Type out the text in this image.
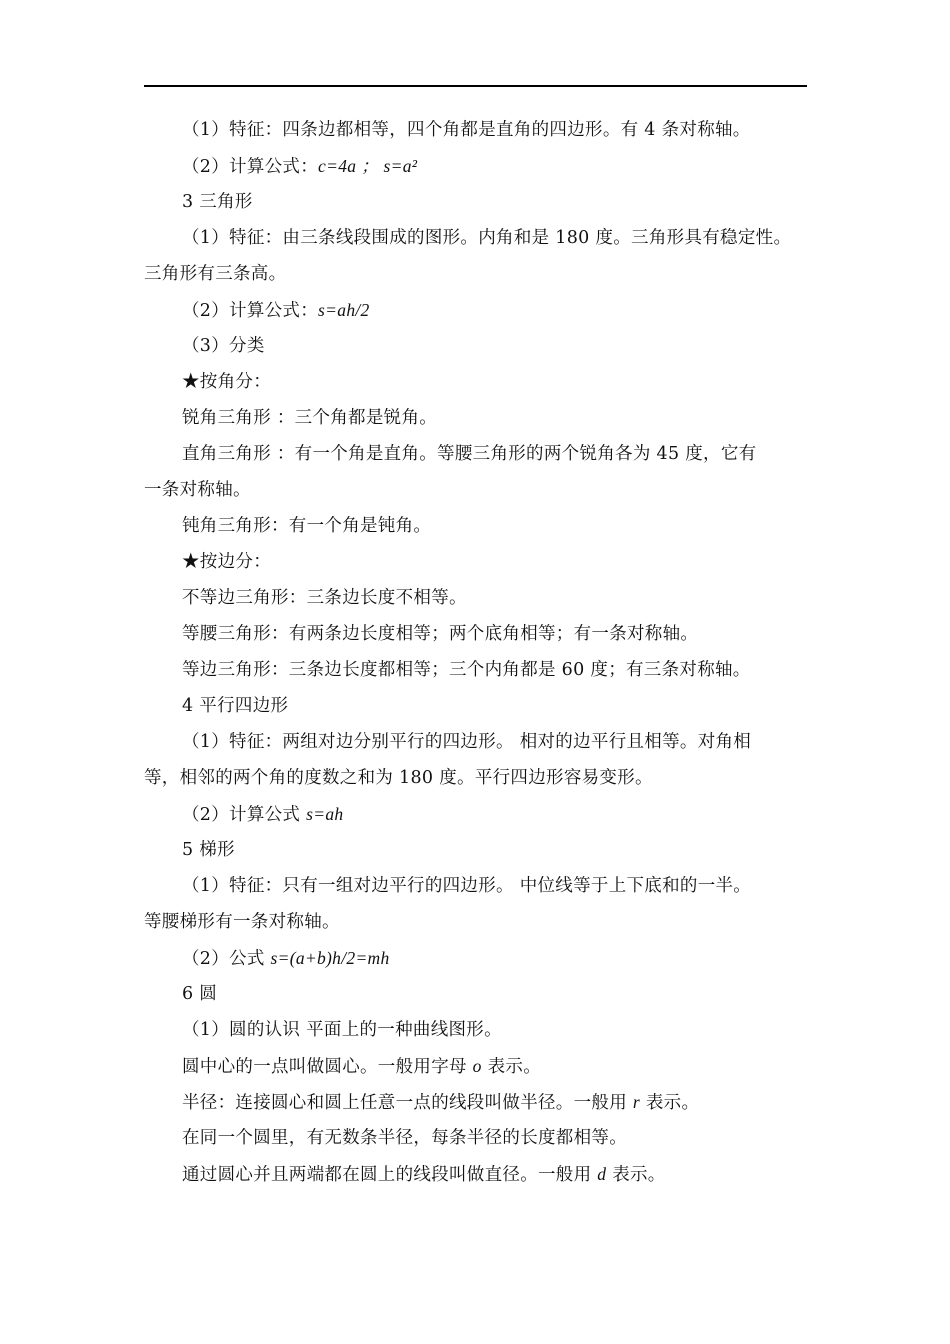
（1）特征：四条边都相等，四个角都是直角的四边形。有 4 条对称轴。
（2）计算公式：c=4a ； s=a²
3 三角形
（1）特征：由三条线段围成的图形。内角和是 180 度。三角形具有稳定性。
三角形有三条高。
（2）计算公式：s=ah/2
（3）分类
★按角分：
锐角三角形 ：三个角都是锐角。
直角三角形 ：有一个角是直角。等腰三角形的两个锐角各为 45 度，它有
一条对称轴。
钝角三角形：有一个角是钝角。
★按边分：
不等边三角形：三条边长度不相等。
等腰三角形：有两条边长度相等；两个底角相等；有一条对称轴。
等边三角形：三条边长度都相等；三个内角都是 60 度；有三条对称轴。
4 平行四边形
（1）特征：两组对边分别平行的四边形。 相对的边平行且相等。对角相
等，相邻的两个角的度数之和为 180 度。平行四边形容易变形。
（2）计算公式 s=ah
5 梯形
（1）特征：只有一组对边平行的四边形。 中位线等于上下底和的一半。
等腰梯形有一条对称轴。
（2）公式 s=(a+b)h/2=mh
6 圆
（1）圆的认识 平面上的一种曲线图形。
圆中心的一点叫做圆心。一般用字母 o 表示。
半径：连接圆心和圆上任意一点的线段叫做半径。一般用 r 表示。
在同一个圆里，有无数条半径，每条半径的长度都相等。
通过圆心并且两端都在圆上的线段叫做直径。一般用 d 表示。
